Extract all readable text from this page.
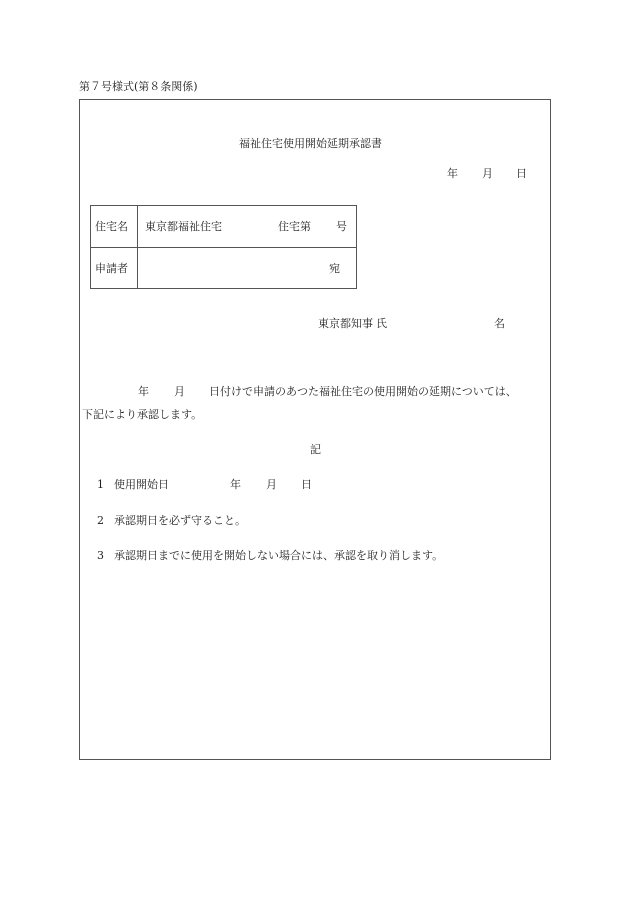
第７号様式(第８条関係)
福祉住宅使用開始延期承認書
年 月 日
住宅名 東京都福祉住宅	住宅第 号
申請者	宛
東京都知事 氏	名
年 月 日付けで申請のあつた福祉住宅の使用開始の延期については、
下記により承認します。
記
1 使用開始日	年 月 日
2 承認期日を必ず守ること。
3 承認期日までに使用を開始しない場合には、承認を取り消します。
